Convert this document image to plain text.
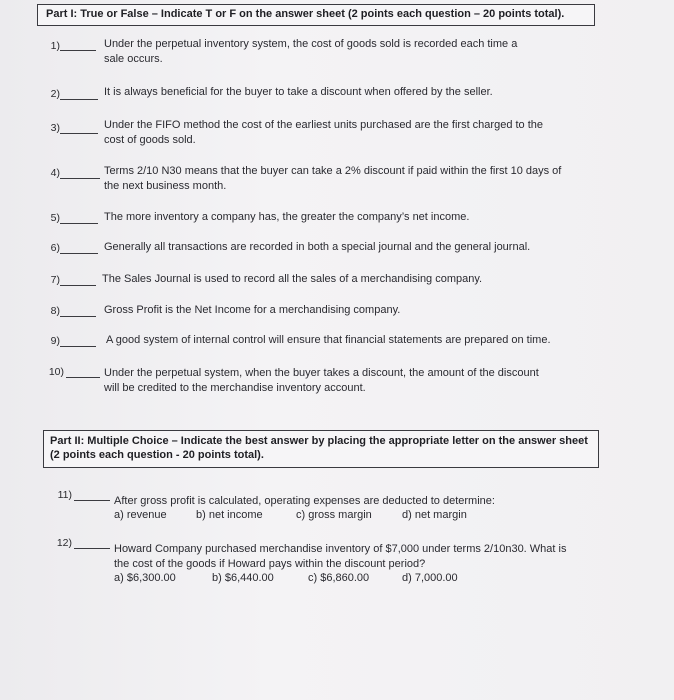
Part I: True or False – Indicate T or F on the answer sheet (2 points each question – 20 points total).
1)	Under the perpetual inventory system, the cost of goods sold is recorded each time a sale occurs.
2)	It is always beneficial for the buyer to take a discount when offered by the seller.
3)	Under the FIFO method the cost of the earliest units purchased are the first charged to the cost of goods sold.
4)	Terms 2/10 N30 means that the buyer can take a 2% discount if paid within the first 10 days of the next business month.
5)	The more inventory a company has, the greater the company’s net income.
6)	Generally all transactions are recorded in both a special journal and the general journal.
7)	The Sales Journal is used to record all the sales of a merchandising company.
8)	Gross Profit is the Net Income for a merchandising company.
9)	A good system of internal control will ensure that financial statements are prepared on time.
10)	Under the perpetual system, when the buyer takes a discount, the amount of the discount will be credited to the merchandise inventory account.
Part II: Multiple Choice – Indicate the best answer by placing the appropriate letter on the answer sheet (2 points each question - 20 points total).
11)	After gross profit is calculated, operating expenses are deducted to determine:
a) revenue	b) net income	c) gross margin	d) net margin
12)	Howard Company purchased merchandise inventory of $7,000 under terms 2/10n30. What is the cost of the goods if Howard pays within the discount period?
a) $6,300.00	b) $6,440.00	c) $6,860.00	d) 7,000.00
